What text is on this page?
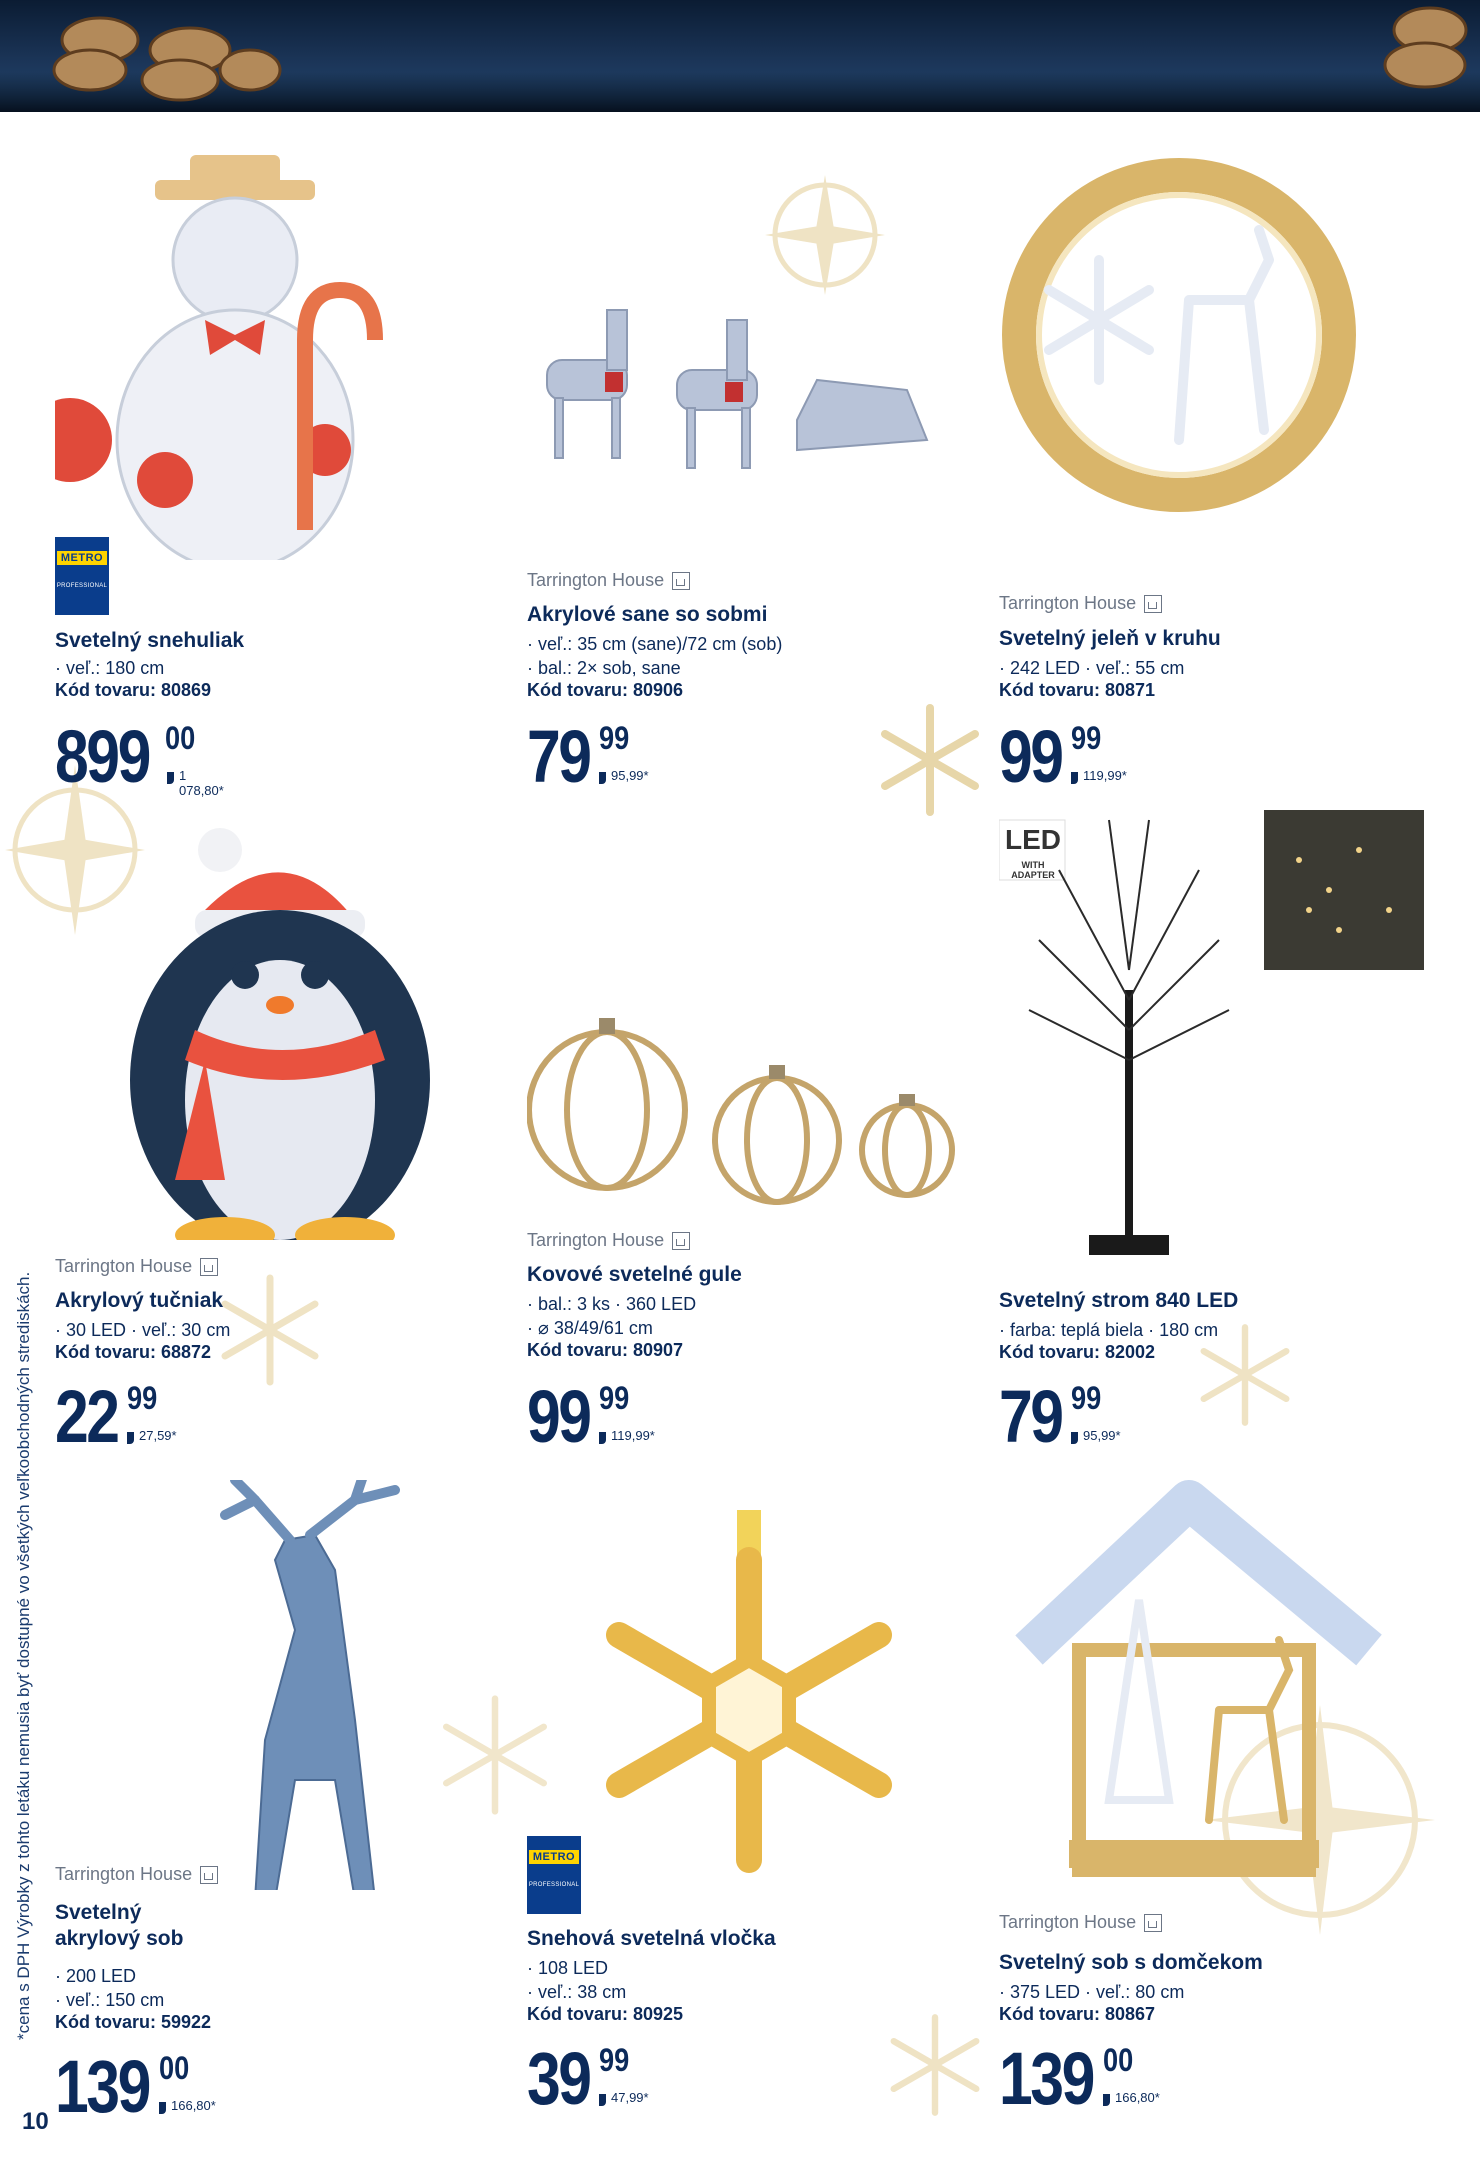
*cena s DPH Výrobky z tohto letáku nemusia byť dostupné vo všetkých veľkoobchodných strediskách.
10
METRO
PROFESSIONAL
Svetelný snehuliak
· veľ.: 180 cm
Kód tovaru: 80869
899 00
1 078,80*
Tarrington House
Akrylové sane so sobmi
· veľ.: 35 cm (sane)/72 cm (sob)
· bal.: 2× sob, sane
Kód tovaru: 80906
79 99
95,99*
Tarrington House
Svetelný jeleň v kruhu
· 242 LED · veľ.: 55 cm
Kód tovaru: 80871
99 99
119,99*
Tarrington House
Akrylový tučniak
· 30 LED · veľ.: 30 cm
Kód tovaru: 68872
22 99
27,59*
Tarrington House
Kovové svetelné gule
· bal.: 3 ks · 360 LED
· ⌀ 38/49/61 cm
Kód tovaru: 80907
99 99
119,99*
LED
WITH ADAPTER
Svetelný strom 840 LED
· farba: teplá biela · 180 cm
Kód tovaru: 82002
79 99
95,99*
Tarrington House
Svetelný akrylový sob
· 200 LED
· veľ.: 150 cm
Kód tovaru: 59922
139 00
166,80*
METRO
PROFESSIONAL
Snehová svetelná vločka
· 108 LED
· veľ.: 38 cm
Kód tovaru: 80925
39 99
47,99*
Tarrington House
Svetelný sob s domčekom
· 375 LED · veľ.: 80 cm
Kód tovaru: 80867
139 00
166,80*
